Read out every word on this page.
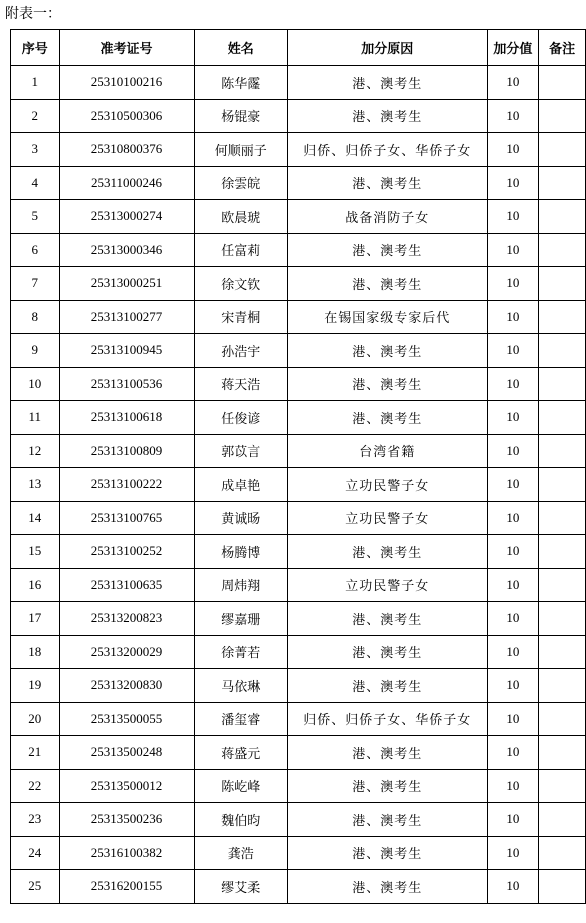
附表一：
序号	准考证号	姓名	加分原因	加分值	备注
1	25310100216	陈华霳	港、澳考生	10	
2	25310500306	杨锟豪	港、澳考生	10	
3	25310800376	何顺丽子	归侨、归侨子女、华侨子女	10	
4	25311000246	徐雲皖	港、澳考生	10	
5	25313000274	欧晨琥	战备消防子女	10	
6	25313000346	任富莉	港、澳考生	10	
7	25313000251	徐文钦	港、澳考生	10	
8	25313100277	宋青桐	在锡国家级专家后代	10	
9	25313100945	孙浩宇	港、澳考生	10	
10	25313100536	蒋天浩	港、澳考生	10	
11	25313100618	任俊谚	港、澳考生	10	
12	25313100809	郭苡言	台湾省籍	10	
13	25313100222	成卓艳	立功民警子女	10	
14	25313100765	黄诚旸	立功民警子女	10	
15	25313100252	杨腾博	港、澳考生	10	
16	25313100635	周炜翔	立功民警子女	10	
17	25313200823	缪嘉珊	港、澳考生	10	
18	25313200029	徐菁若	港、澳考生	10	
19	25313200830	马依琳	港、澳考生	10	
20	25313500055	潘玺睿	归侨、归侨子女、华侨子女	10	
21	25313500248	蒋盛元	港、澳考生	10	
22	25313500012	陈屹峰	港、澳考生	10	
23	25313500236	魏伯昀	港、澳考生	10	
24	25316100382	龚浩	港、澳考生	10	
25	25316200155	缪艾柔	港、澳考生	10	
